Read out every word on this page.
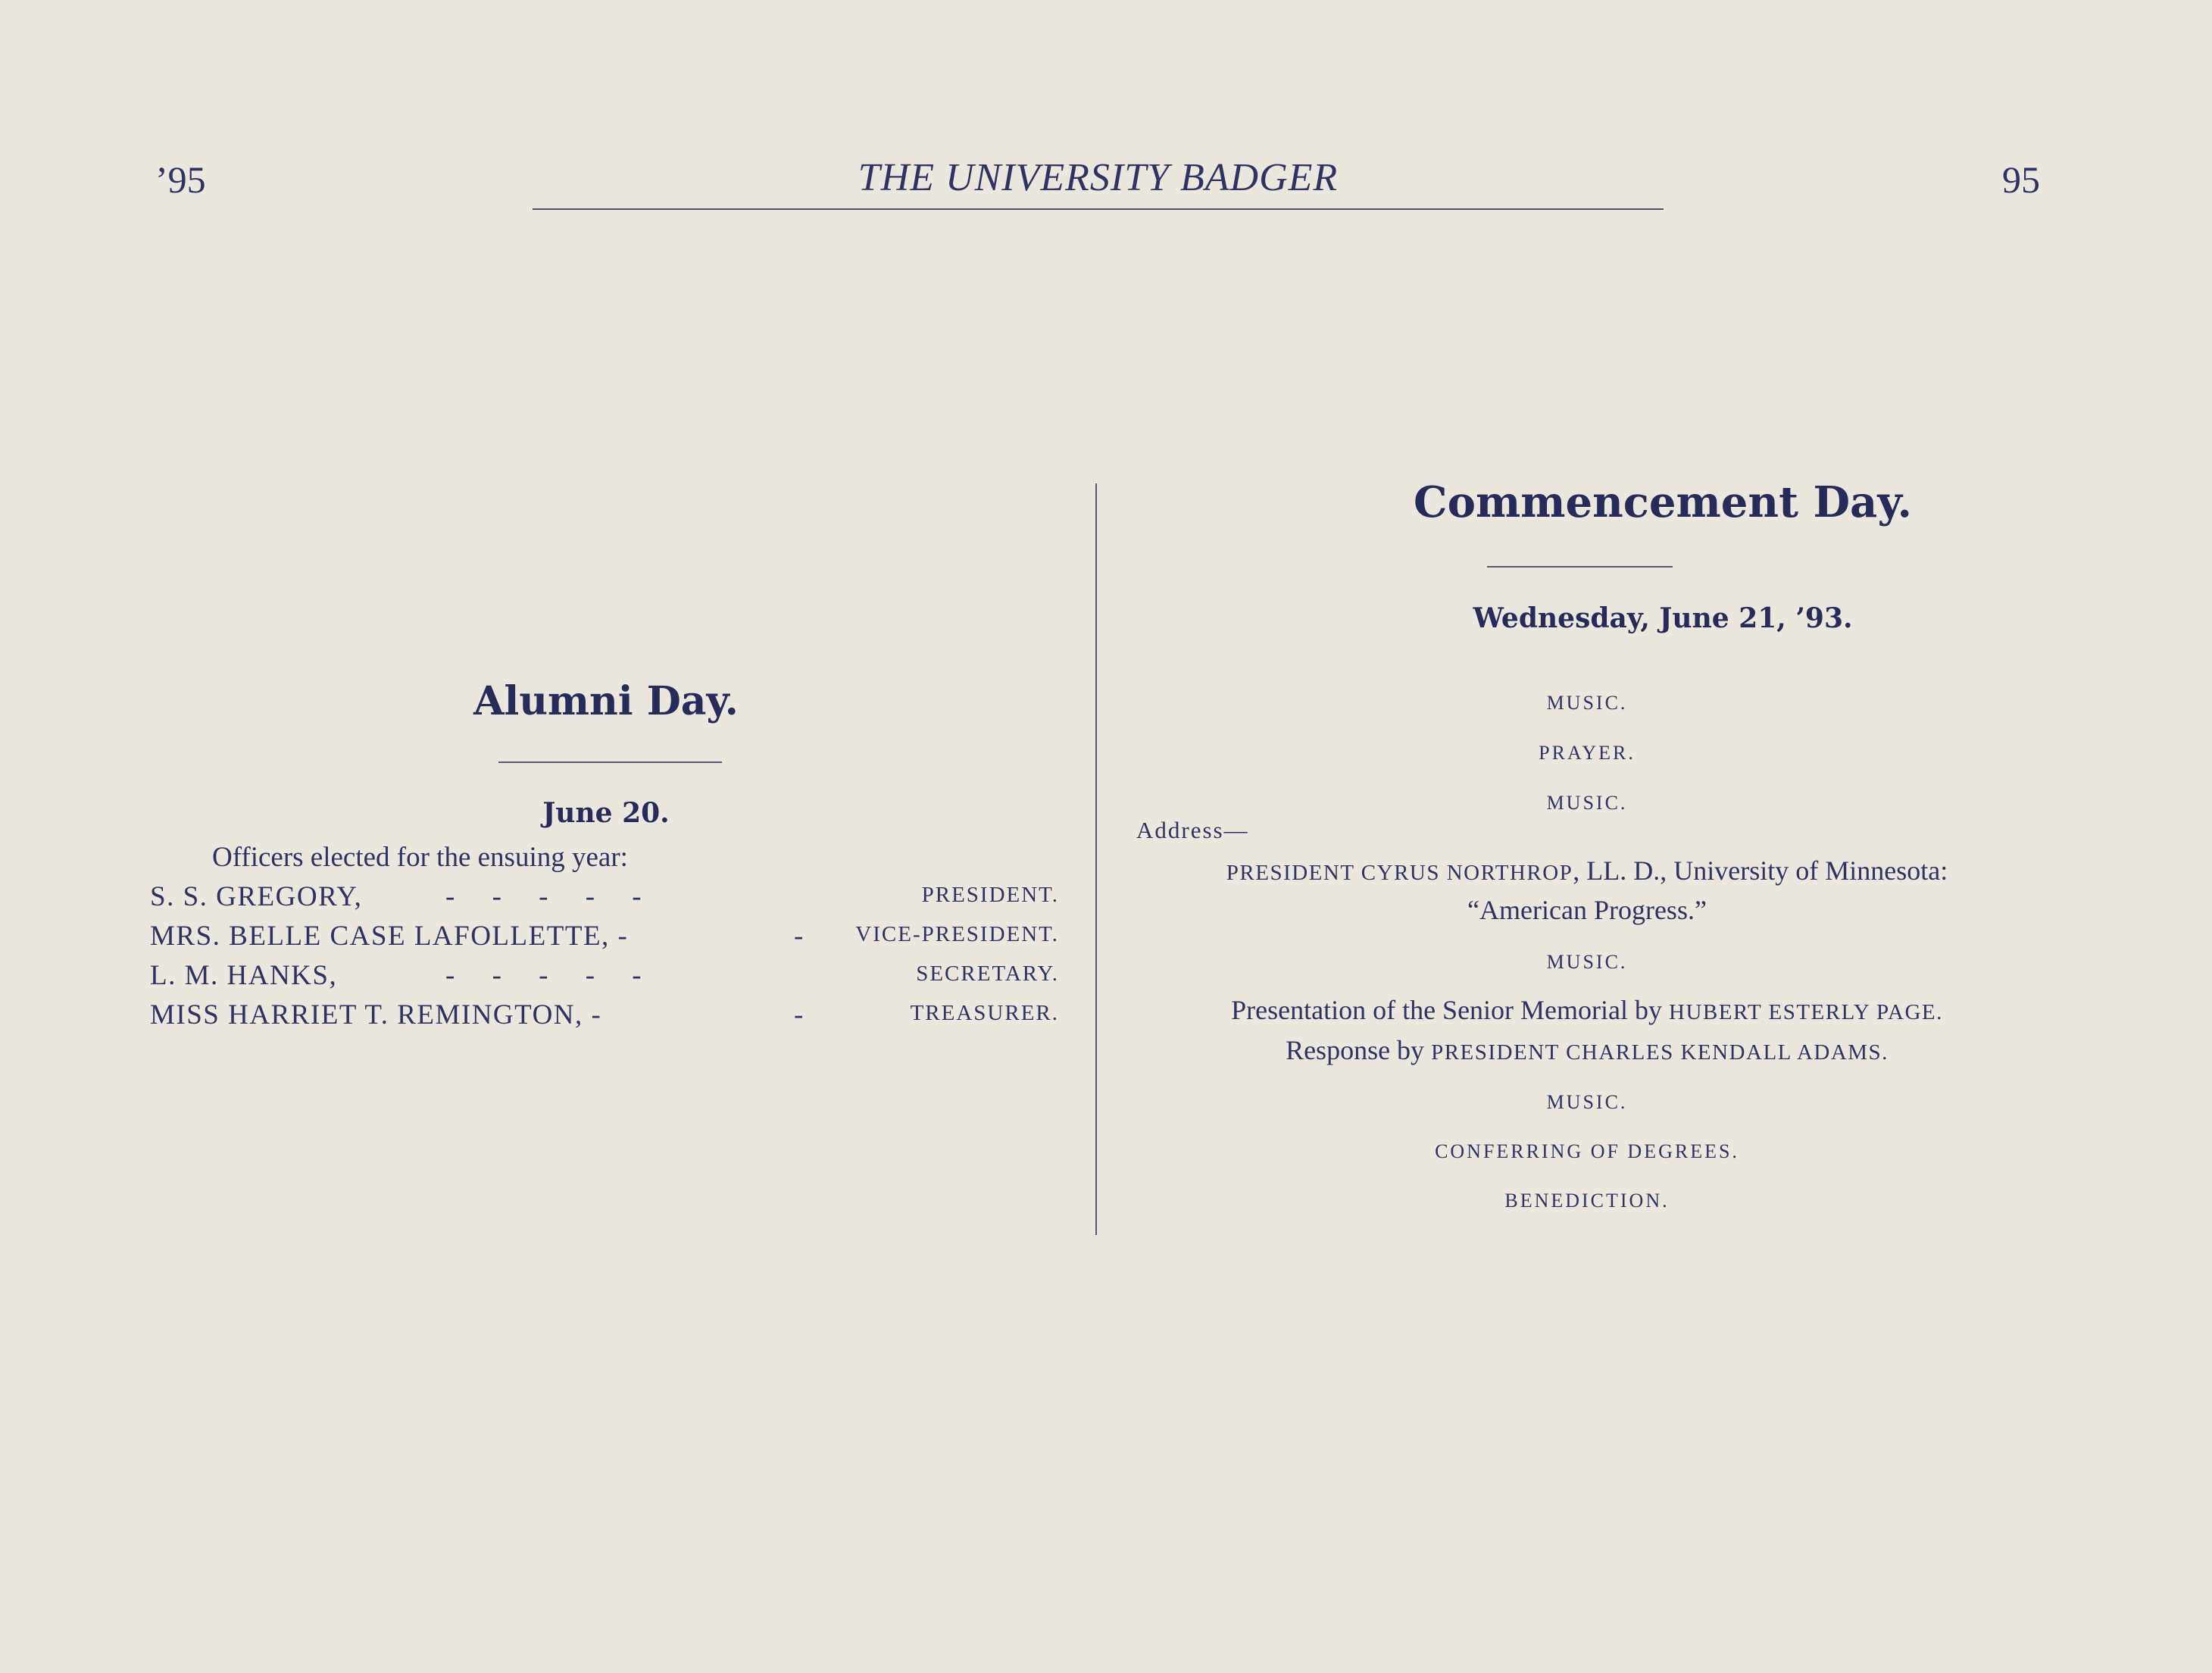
’95	THE UNIVERSITY BADGER	95
Alumni Day.
June 20.
Officers elected for the ensuing year:
S. S. GREGORY,	- - - - -	PRESIDENT.
MRS. BELLE CASE LAFOLLETTE, -	- VICE-PRESIDENT.
L. M. HANKS,	- - - - -	SECRETARY.
MISS HARRIET T. REMINGTON, -	-	TREASURER.
Commencement Day.
Wednesday, June 21, ’93.
MUSIC.
PRAYER.
MUSIC.
Address—
PRESIDENT CYRUS NORTHROP, LL. D., University of Minnesota:
“American Progress.”
MUSIC.
Presentation of the Senior Memorial by HUBERT ESTERLY PAGE.
Response by PRESIDENT CHARLES KENDALL ADAMS.
MUSIC.
CONFERRING OF DEGREES.
BENEDICTION.
